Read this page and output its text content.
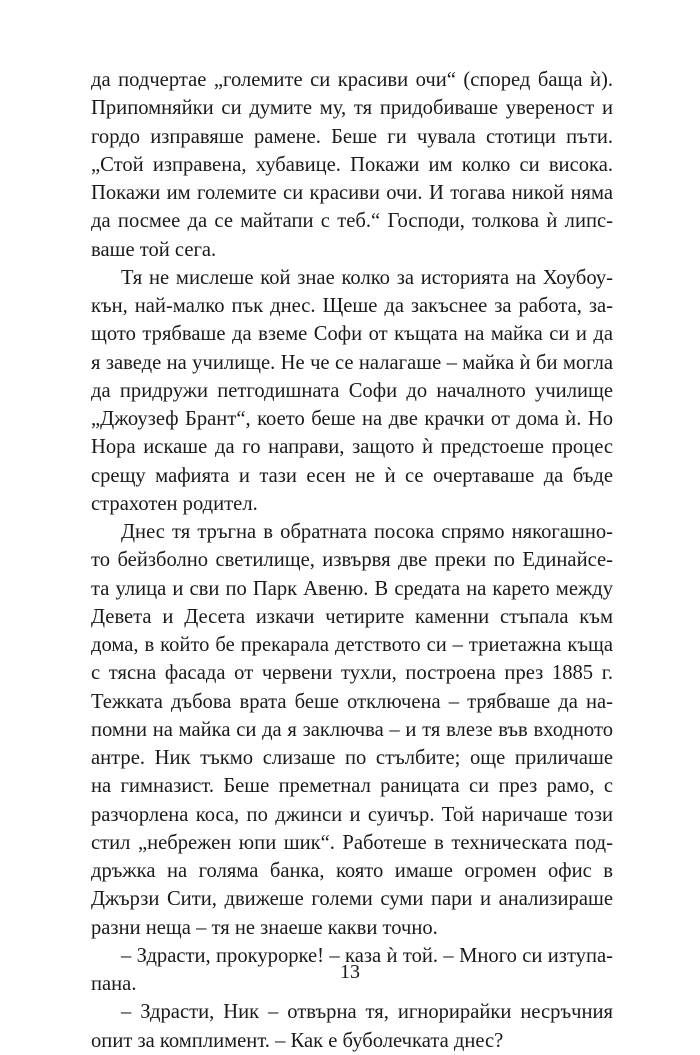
да подчертае „големите си красиви очи“ (според баща ѝ).
Припомняйки си думите му, тя придобиваше увереност и
гордо изправяше рамене. Беше ги чувала стотици пъти.
„Стой изправена, хубавице. Покажи им колко си висока.
Покажи им големите си красиви очи. И тогава никой няма
да посмее да се майтапи с теб.“ Господи, толкова ѝ липс-
ваше той сега.

Тя не мислеше кой знае колко за историята на Хоубоу-
кън, най-малко пък днес. Щеше да закъснее за работа, за-
щото трябваше да вземе Софи от къщата на майка си и да
я заведе на училище. Не че се налагаше – майка ѝ би могла
да придружи петгодишната Софи до началното училище
„Джоузеф Брант“, което беше на две крачки от дома ѝ. Но
Нора искаше да го направи, защото ѝ предстоеше процес
срещу мафията и тази есен не ѝ се очертаваше да бъде
страхотен родител.

Днес тя тръгна в обратната посока спрямо някогашно-
то бейзболно светилище, извървя две преки по Единайсе-
та улица и сви по Парк Авеню. В средата на карето между
Девета и Десета изкачи четирите каменни стъпала към
дома, в който бе прекарала детството си – триетажна къща
с тясна фасада от червени тухли, построена през 1885 г.
Тежката дъбова врата беше отключена – трябваше да на-
помни на майка си да я заключва – и тя влезе във входното
антре. Ник тъкмо слизаше по стълбите; още приличаше
на гимназист. Беше преметнал раницата си през рамо, с
разчорлена коса, по джинси и суичър. Той наричаше този
стил „небрежен юпи шик“. Работеше в техническата под-
дръжка на голяма банка, която имаше огромен офис в
Джързи Сити, движеше големи суми пари и анализираше
разни неща – тя не знаеше какви точно.

– Здрасти, прокурорке! – каза ѝ той. – Много си изтупа-
пана.

– Здрасти, Ник – отвърна тя, игнорирайки несръчния
опит за комплимент. – Как е буболечката днес?

13
